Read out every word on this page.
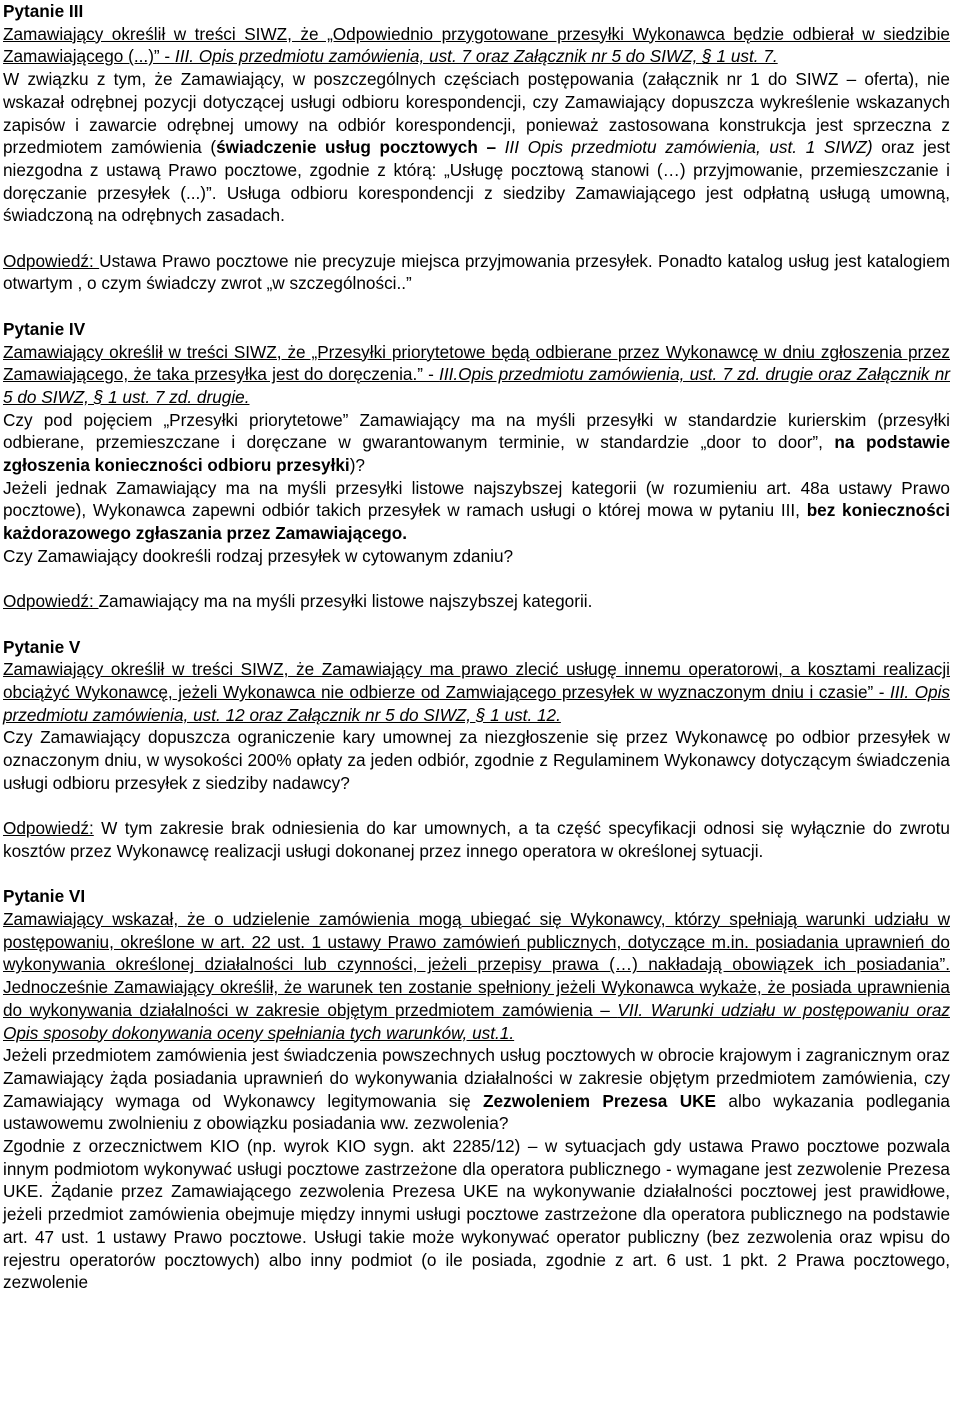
Pytanie III

Zamawiający określił w treści SIWZ, że „Odpowiednio przygotowane przesyłki Wykonawca będzie odbierał w siedzibie Zamawiającego (...)” - III. Opis przedmiotu zamówienia, ust. 7 oraz Załącznik nr 5 do SIWZ, § 1 ust. 7.

W związku z tym, że Zamawiający, w poszczególnych częściach postępowania (załącznik nr 1 do SIWZ – oferta), nie wskazał odrębnej pozycji dotyczącej usługi odbioru korespondencji, czy Zamawiający dopuszcza wykreślenie wskazanych zapisów i zawarcie odrębnej umowy na odbiór korespondencji, ponieważ zastosowana konstrukcja jest sprzeczna z przedmiotem zamówienia (świadczenie usług pocztowych – III Opis przedmiotu zamówienia, ust. 1 SIWZ) oraz jest niezgodna z ustawą Prawo pocztowe, zgodnie z którą: „Usługę pocztową stanowi (…) przyjmowanie, przemieszczanie i doręczanie przesyłek (...)”. Usługa odbioru korespondencji z siedziby Zamawiającego jest odpłatną usługą umowną, świadczoną na odrębnych zasadach.

Odpowiedź: Ustawa Prawo pocztowe nie precyzuje miejsca przyjmowania przesyłek. Ponadto katalog usług jest katalogiem otwartym , o czym świadczy zwrot „w szczególności..”

Pytanie IV

Zamawiający określił w treści SIWZ, że „Przesyłki priorytetowe będą odbierane przez Wykonawcę w dniu zgłoszenia przez Zamawiającego, że taka przesyłka jest do doręczenia.” - III.Opis przedmiotu zamówienia, ust. 7 zd. drugie oraz Załącznik nr 5 do SIWZ, § 1 ust. 7 zd. drugie.

Czy pod pojęciem „Przesyłki priorytetowe” Zamawiający ma na myśli przesyłki w standardzie kurierskim (przesyłki odbierane, przemieszczane i doręczane w gwarantowanym terminie, w standardzie „door to door”, na podstawie zgłoszenia konieczności odbioru przesyłki)?

Jeżeli jednak Zamawiający ma na myśli przesyłki listowe najszybszej kategorii (w rozumieniu art. 48a ustawy Prawo pocztowe), Wykonawca zapewni odbiór takich przesyłek w ramach usługi o której mowa w pytaniu III, bez konieczności każdorazowego zgłaszania przez Zamawiającego.

Czy Zamawiający dookreśli rodzaj przesyłek w cytowanym zdaniu?

Odpowiedź: Zamawiający ma na myśli przesyłki listowe najszybszej kategorii.

Pytanie V

Zamawiający określił w treści SIWZ, że Zamawiający ma prawo zlecić usługę innemu operatorowi, a kosztami realizacji obciążyć Wykonawcę, jeżeli Wykonawca nie odbierze od Zamwiającego przesyłek w wyznaczonym dniu i czasie” - III. Opis przedmiotu zamówienia, ust. 12 oraz Załącznik nr 5 do SIWZ, § 1 ust. 12.

Czy Zamawiający dopuszcza ograniczenie kary umownej za niezgłoszenie się przez Wykonawcę po odbior przesyłek w oznaczonym dniu, w wysokości 200% opłaty za jeden odbiór, zgodnie z Regulaminem Wykonawcy dotyczącym świadczenia usługi odbioru przesyłek z siedziby nadawcy?

Odpowiedź: W tym zakresie brak odniesienia do kar umownych, a ta część specyfikacji odnosi się wyłącznie do zwrotu kosztów przez Wykonawcę realizacji usługi dokonanej przez innego operatora w określonej sytuacji.

Pytanie VI

Zamawiający wskazał, że o udzielenie zamówienia mogą ubiegać się Wykonawcy, którzy spełniają warunki udziału w postępowaniu, określone w art. 22 ust. 1 ustawy Prawo zamówień publicznych, dotyczące m.in. posiadania uprawnień do wykonywania określonej działalności lub czynności, jeżeli przepisy prawa (…) nakładają obowiązek ich posiadania”. Jednocześnie Zamawiający określił, że warunek ten zostanie spełniony jeżeli Wykonawca wykaże, że posiada uprawnienia do wykonywania działalności w zakresie objętym przedmiotem zamówienia – VII. Warunki udziału w postępowaniu oraz Opis sposoby dokonywania oceny spełniania tych warunków, ust.1.

Jeżeli przedmiotem zamówienia jest świadczenia powszechnych usług pocztowych w obrocie krajowym i zagranicznym oraz Zamawiający żąda posiadania uprawnień do wykonywania działalności w zakresie objętym przedmiotem zamówienia, czy Zamawiający wymaga od Wykonawcy legitymowania się Zezwoleniem Prezesa UKE albo wykazania podlegania ustawowemu zwolnieniu z obowiązku posiadania ww. zezwolenia?

Zgodnie z orzecznictwem KIO (np. wyrok KIO sygn. akt 2285/12) – w sytuacjach gdy ustawa Prawo pocztowe pozwala innym podmiotom wykonywać usługi pocztowe zastrzeżone dla operatora publicznego - wymagane jest zezwolenie Prezesa UKE. Żądanie przez Zamawiającego zezwolenia Prezesa UKE na wykonywanie działalności pocztowej jest prawidłowe, jeżeli przedmiot zamówienia obejmuje między innymi usługi pocztowe zastrzeżone dla operatora publicznego na podstawie art. 47 ust. 1 ustawy Prawo pocztowe. Usługi takie może wykonywać operator publiczny (bez zezwolenia oraz wpisu do rejestru operatorów pocztowych) albo inny podmiot (o ile posiada, zgodnie z art. 6 ust. 1 pkt. 2 Prawa pocztowego, zezwolenie
